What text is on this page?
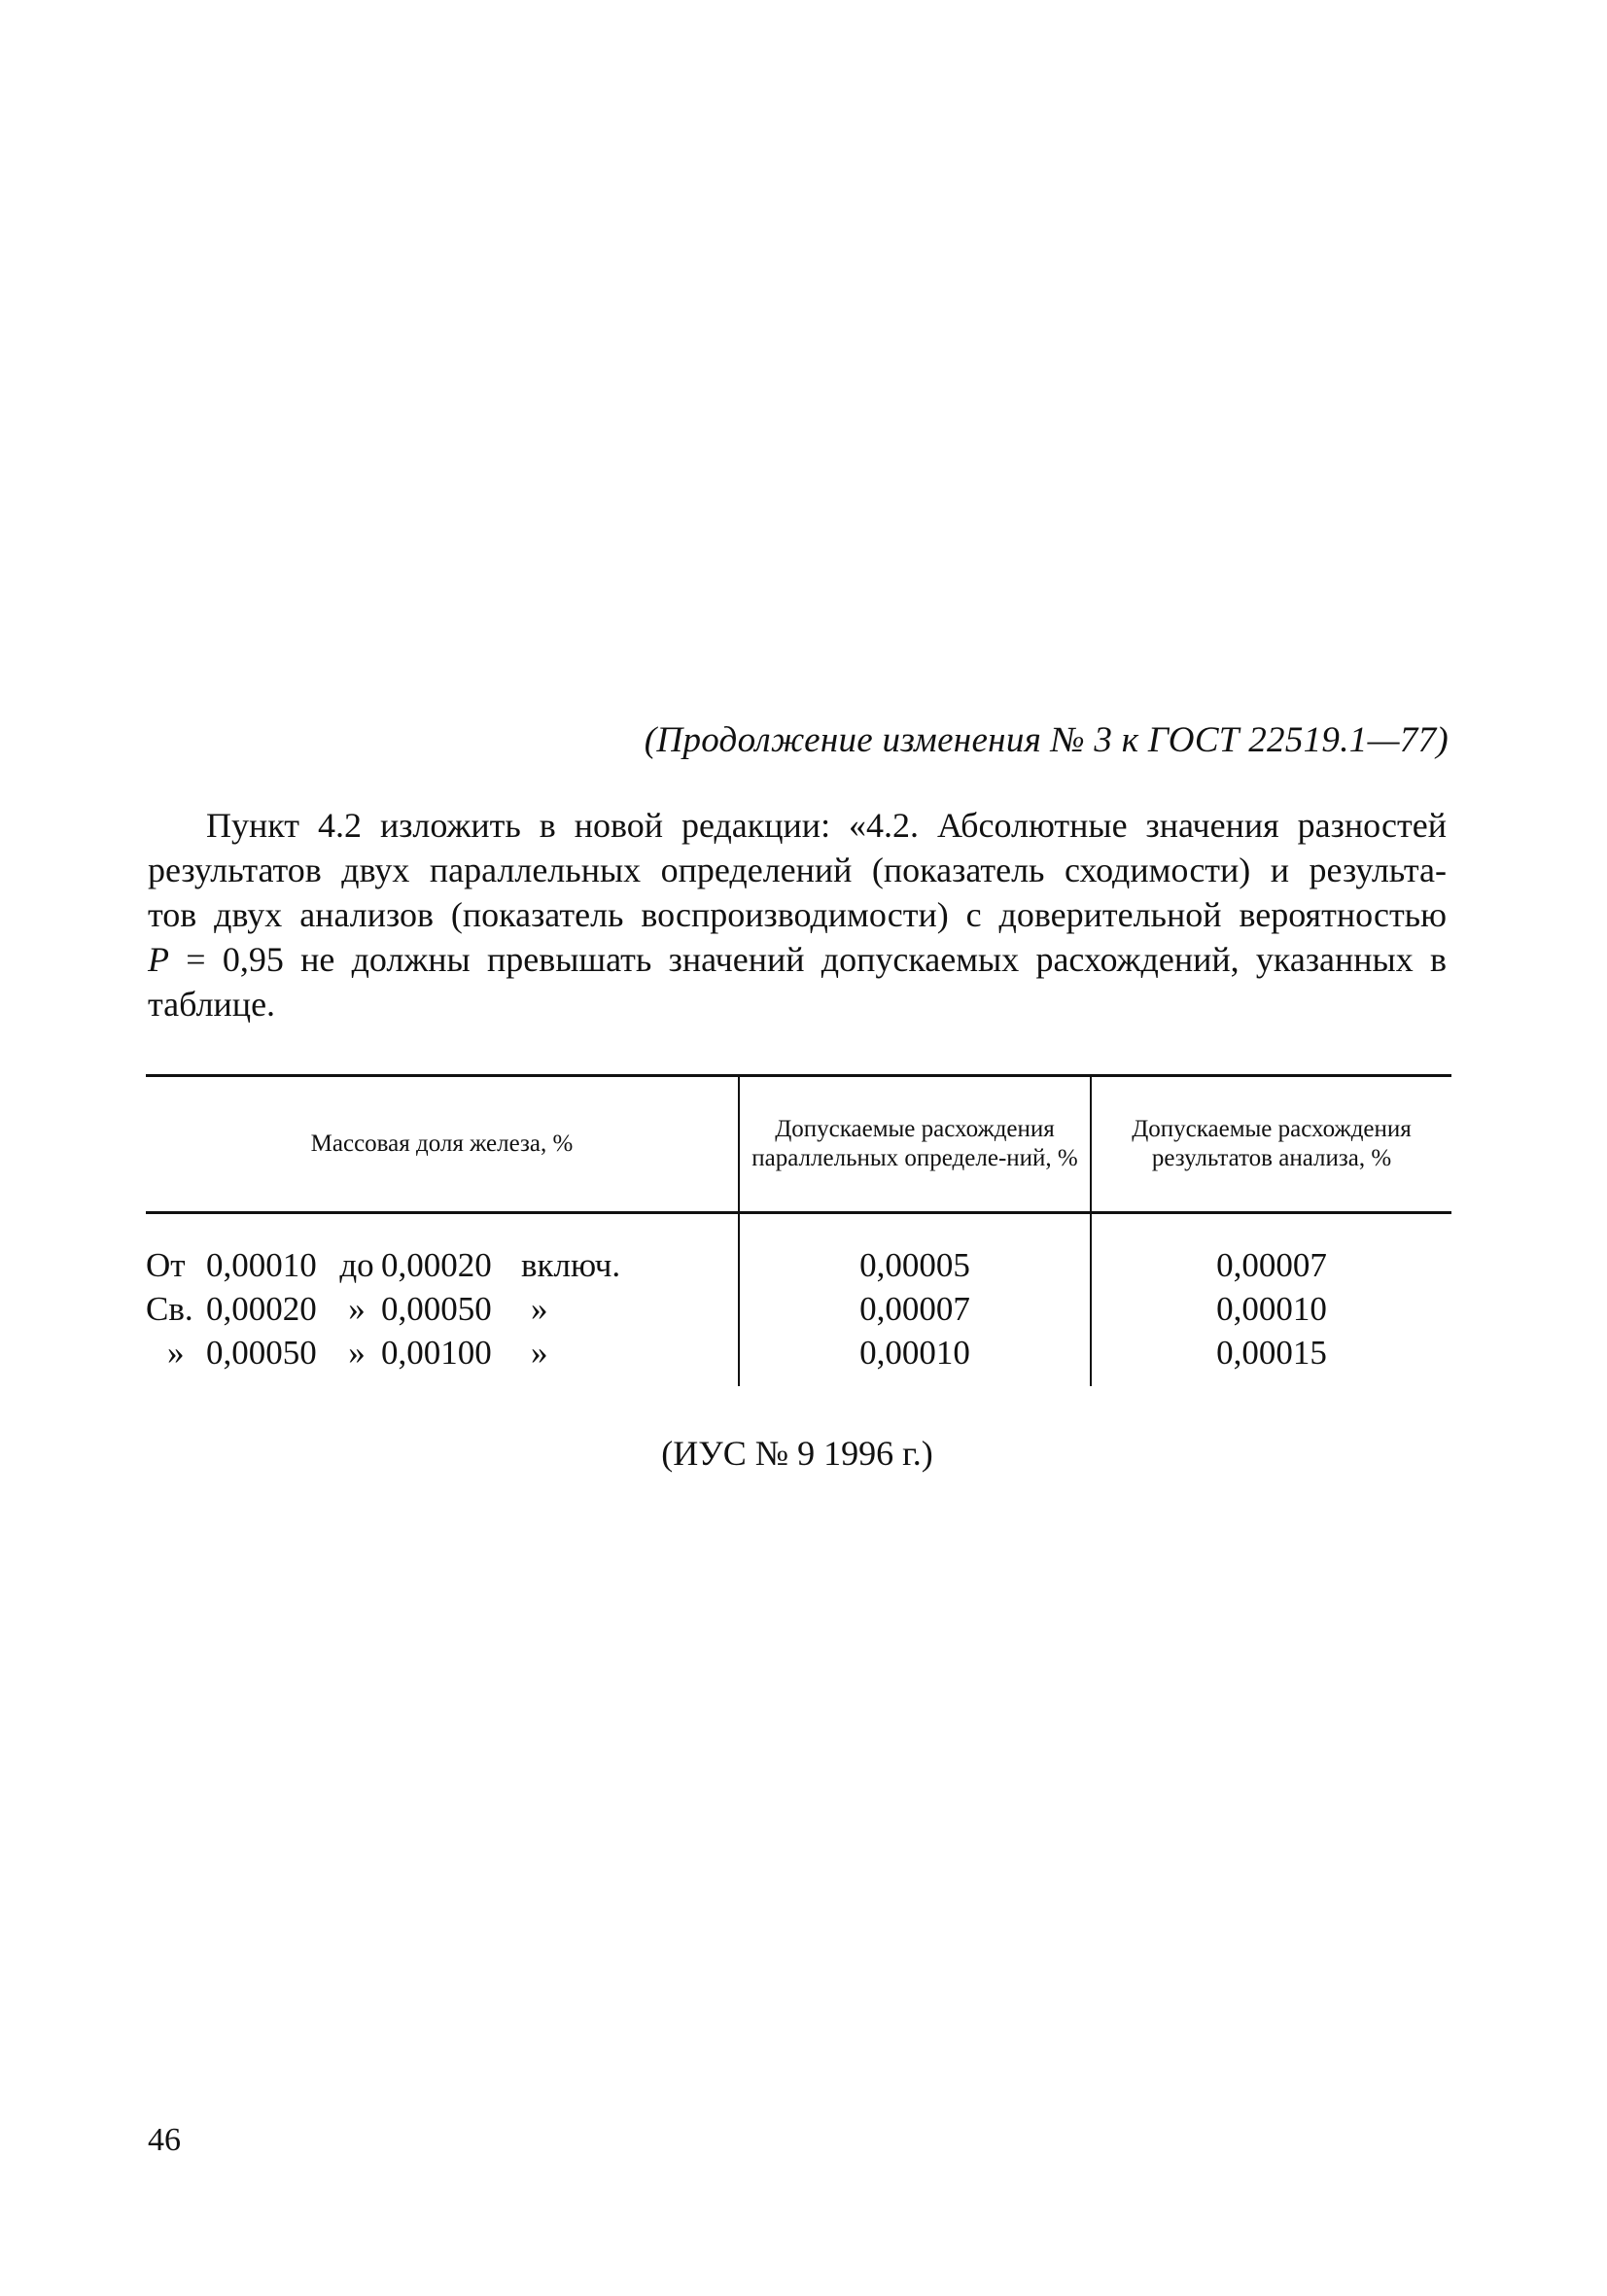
(Продолжение изменения № 3 к ГОСТ 22519.1—77)

Пункт 4.2 изложить в новой редакции: «4.2. Абсолютные значения разностей
результатов двух параллельных определений (показатель сходимости) и результа-
тов двух анализов (показатель воспроизводимости) с доверительной вероятностью
P = 0,95 не должны превышать значений допускаемых расхождений, указанных в
таблице.

Массовая доля железа, %	Допускаемые расхождения параллельных определе-ний, %	Допускаемые расхождения результатов анализа, %

От 0,00010 до 0,00020 включ.	0,00005	0,00007

Св. 0,00020 » 0,00050 »	0,00007	0,00010

» 0,00050 » 0,00100 »	0,00010	0,00015
(ИУС № 9 1996 г.)
46
